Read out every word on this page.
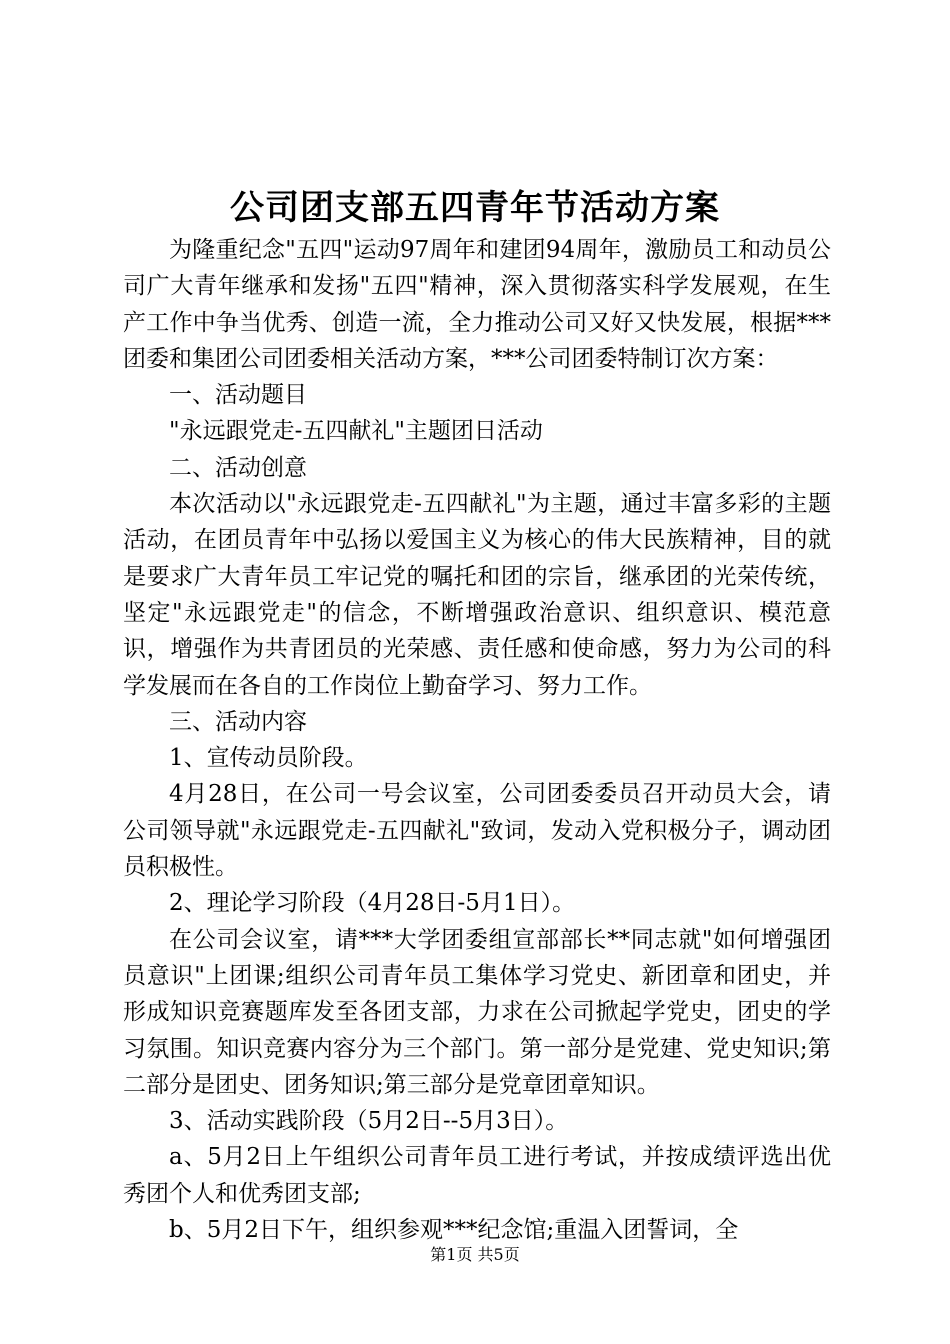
公司团支部五四青年节活动方案

为隆重纪念"五四"运动97周年和建团94周年，激励员工和动员公司广大青年继承和发扬"五四"精神，深入贯彻落实科学发展观，在生产工作中争当优秀、创造一流，全力推动公司又好又快发展，根据***团委和集团公司团委相关活动方案，***公司团委特制订次方案：

一、活动题目

"永远跟党走-五四献礼"主题团日活动

二、活动创意

本次活动以"永远跟党走-五四献礼"为主题，通过丰富多彩的主题活动，在团员青年中弘扬以爱国主义为核心的伟大民族精神，目的就是要求广大青年员工牢记党的嘱托和团的宗旨，继承团的光荣传统，坚定"永远跟党走"的信念，不断增强政治意识、组织意识、模范意识，增强作为共青团员的光荣感、责任感和使命感，努力为公司的科学发展而在各自的工作岗位上勤奋学习、努力工作。

三、活动内容

1、宣传动员阶段。

4月28日，在公司一号会议室，公司团委委员召开动员大会，请公司领导就"永远跟党走-五四献礼"致词，发动入党积极分子，调动团员积极性。

2、理论学习阶段（4月28日-5月1日）。

在公司会议室，请***大学团委组宣部部长**同志就"如何增强团员意识"上团课;组织公司青年员工集体学习党史、新团章和团史，并形成知识竞赛题库发至各团支部，力求在公司掀起学党史，团史的学习氛围。知识竞赛内容分为三个部门。第一部分是党建、党史知识;第二部分是团史、团务知识;第三部分是党章团章知识。

3、活动实践阶段（5月2日--5月3日）。

a、5月2日上午组织公司青年员工进行考试，并按成绩评选出优秀团个人和优秀团支部;

b、5月2日下午，组织参观***纪念馆;重温入团誓词，全

第1页 共5页
